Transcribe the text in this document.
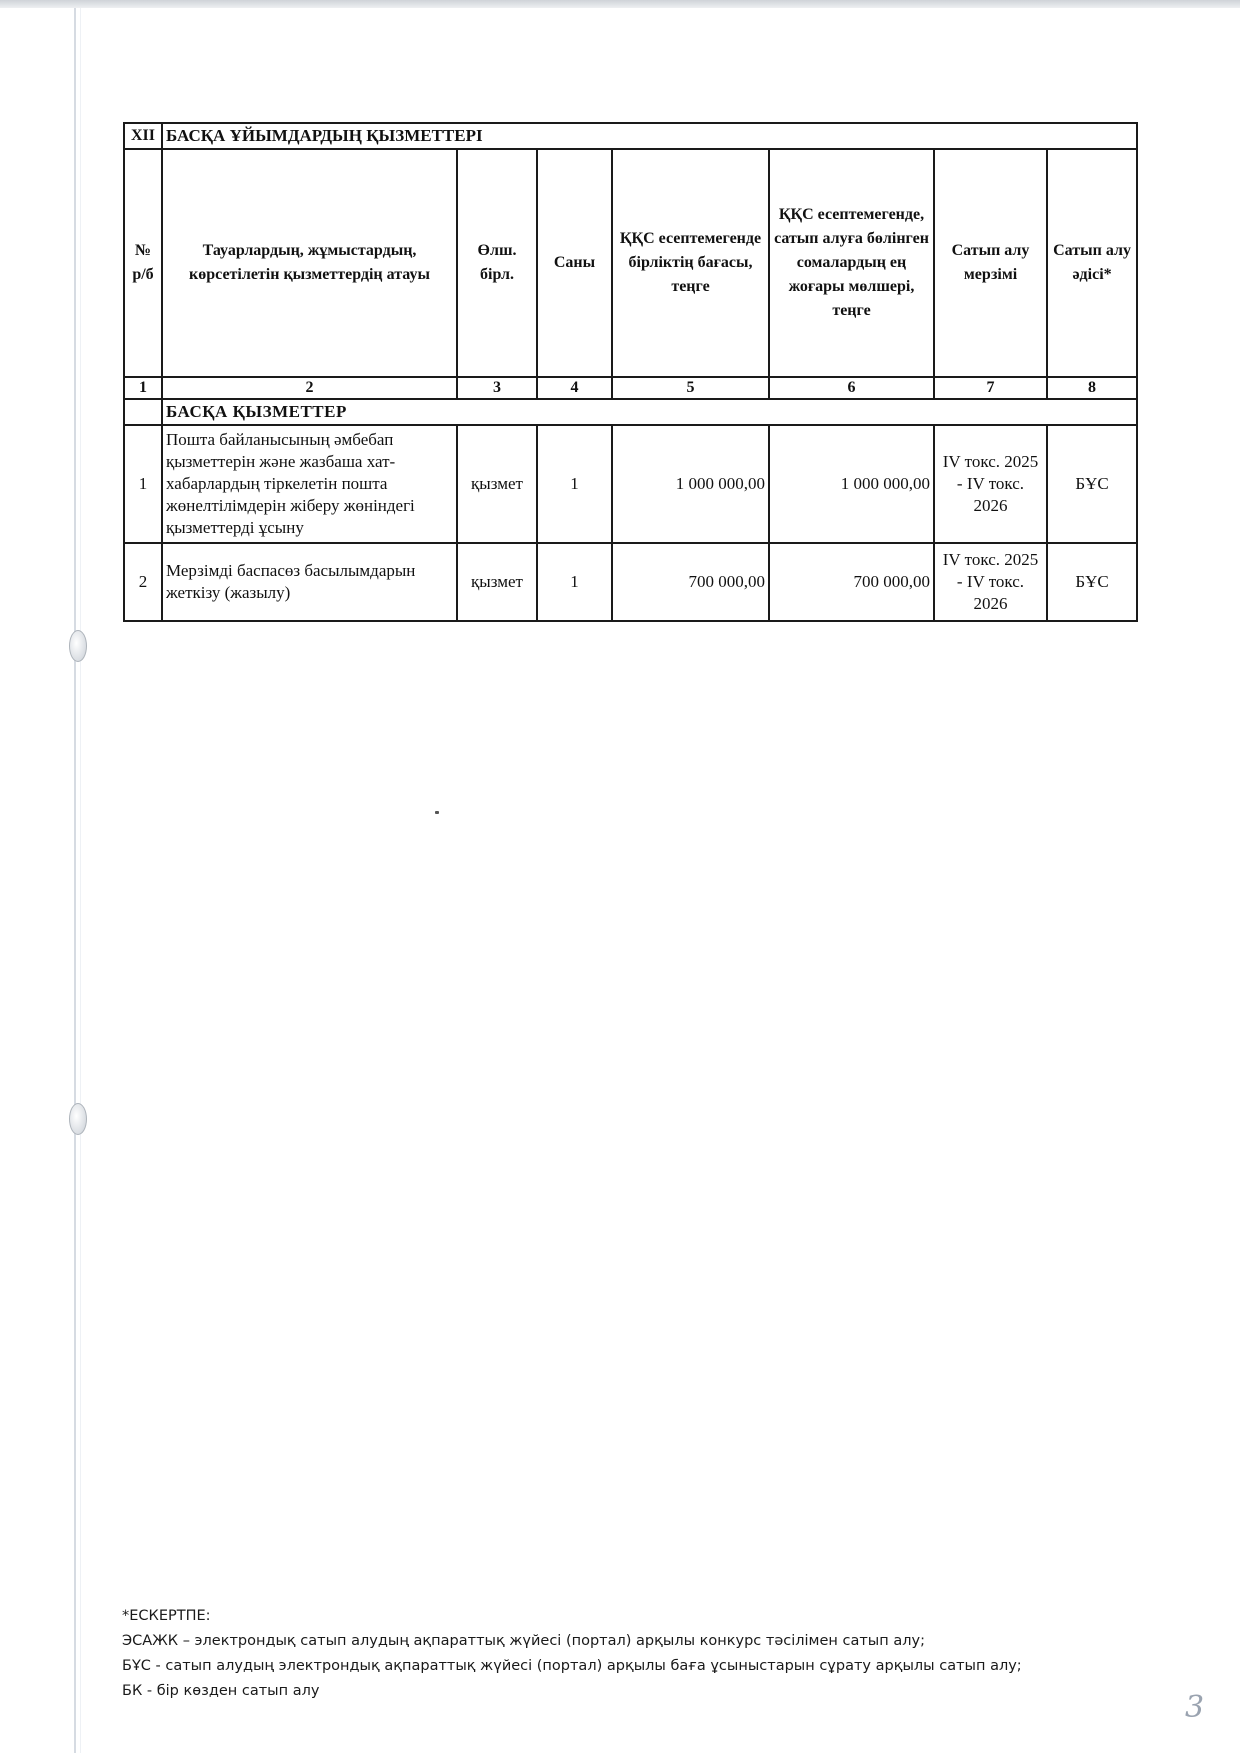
XII	БАСҚА ҰЙЫМДАРДЫҢ ҚЫЗМЕТТЕРІ						
№ р/б	Тауарлардың, жұмыстардың, көрсетілетін қызметтердің атауы	Өлш. бірл.	Саны	ҚҚС есептемегенде бірліктің бағасы, теңге	ҚҚС есептемегенде, сатып алуға бөлінген сомалардың ең жоғары мөлшері, теңге	Сатып алу мерзімі	Сатып алу әдісі*
1	2	3	4	5	6	7	8
	БАСҚА ҚЫЗМЕТТЕР						
1	Пошта байланысының әмбебап қызметтерін және жазбаша хат-хабарлардың тіркелетін пошта жөнелтілімдерін жіберу жөніндегі қызметтерді ұсыну	қызмет	1	1 000 000,00	1 000 000,00	IV токс. 2025 - IV токс. 2026	БҰС
2	Мерзімді баспасөз басылымдарын жеткізу (жазылу)	қызмет	1	700 000,00	700 000,00	IV токс. 2025 - IV токс. 2026	БҰС
*ЕСКЕРТПЕ:
ЭСАЖК – электрондық сатып алудың ақпараттық жүйесі (портал) арқылы конкурс тәсілімен сатып алу;
БҰС - сатып алудың электрондық ақпараттық жүйесі (портал) арқылы баға ұсыныстарын сұрату арқылы сатып алу;
БК - бір көзден сатып алу	3
